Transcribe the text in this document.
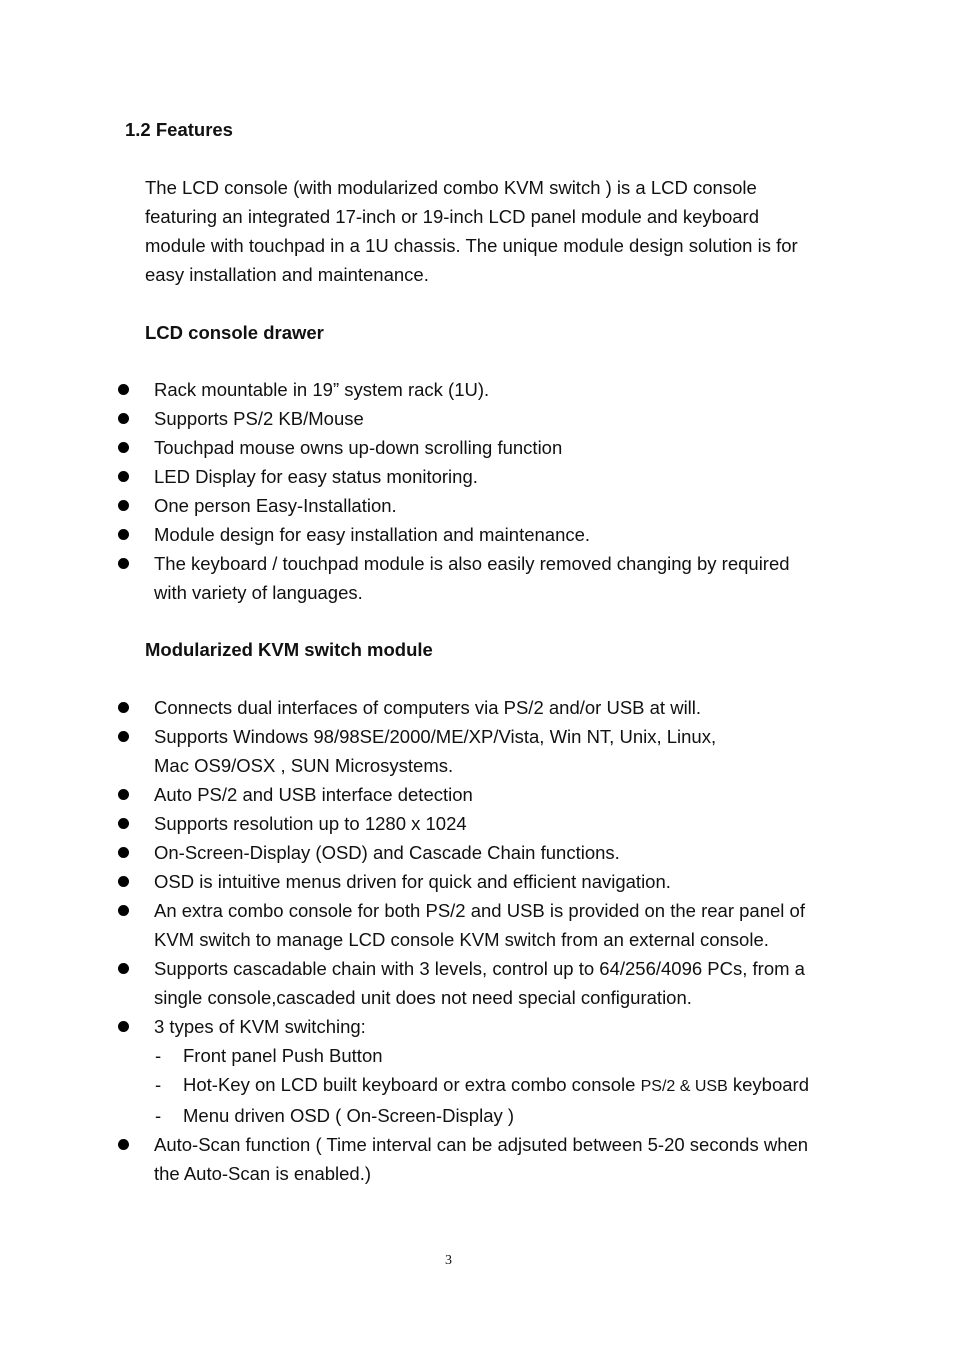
1.2 Features

The LCD console (with modularized combo KVM switch ) is a LCD console
featuring an integrated 17-inch or 19-inch LCD panel module and keyboard
module with touchpad in a 1U chassis. The unique module design solution is for
easy installation and maintenance.

LCD console drawer
Rack mountable in 19” system rack (1U).
Supports PS/2 KB/Mouse
Touchpad mouse owns up-down scrolling function
LED Display for easy status monitoring.
One person Easy-Installation.
Module design for easy installation and maintenance.
The keyboard / touchpad module is also easily removed changing by required
with variety of languages.
Modularized KVM switch module
Connects dual interfaces of computers via PS/2 and/or USB at will.
Supports Windows 98/98SE/2000/ME/XP/Vista, Win NT, Unix, Linux,
Mac OS9/OSX , SUN Microsystems.
Auto PS/2 and USB interface detection
Supports resolution up to 1280 x 1024
On-Screen-Display (OSD) and Cascade Chain functions.
OSD is intuitive menus driven for quick and efficient navigation.
An extra combo console for both PS/2 and USB is provided on the rear panel of
KVM switch to manage LCD console KVM switch from an external console.
Supports cascadable chain with 3 levels, control up to 64/256/4096 PCs, from a
single console,cascaded unit does not need special configuration.
3 types of KVM switching:
- Front panel Push Button
- Hot-Key on LCD built keyboard or extra combo console PS/2 & USB keyboard
- Menu driven OSD ( On-Screen-Display )
Auto-Scan function ( Time interval can be adjsuted between 5-20 seconds when
the Auto-Scan is enabled.)
3
